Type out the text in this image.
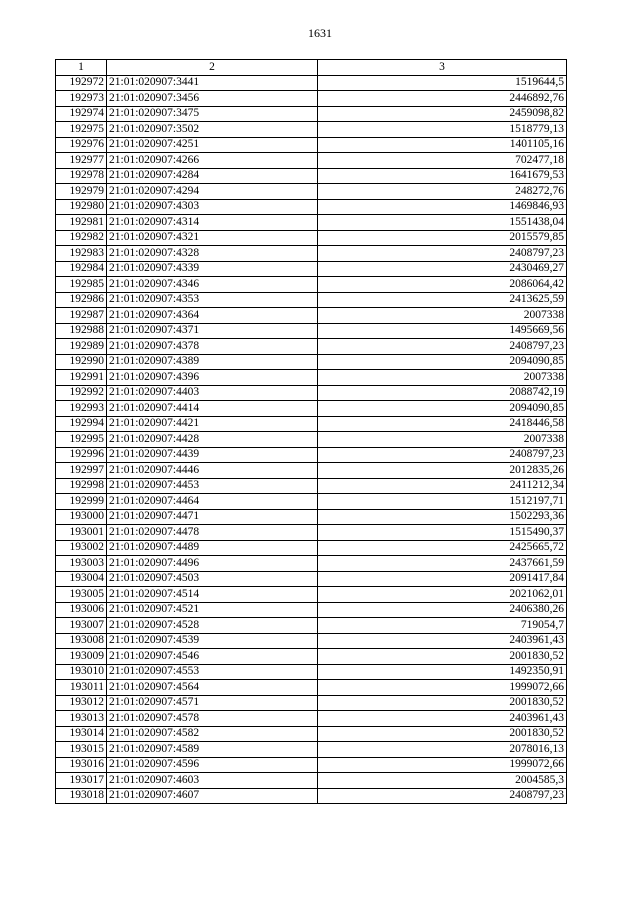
1631
1	2	3
192972	21:01:020907:3441	1519644,5
192973	21:01:020907:3456	2446892,76
192974	21:01:020907:3475	2459098,82
192975	21:01:020907:3502	1518779,13
192976	21:01:020907:4251	1401105,16
192977	21:01:020907:4266	702477,18
192978	21:01:020907:4284	1641679,53
192979	21:01:020907:4294	248272,76
192980	21:01:020907:4303	1469846,93
192981	21:01:020907:4314	1551438,04
192982	21:01:020907:4321	2015579,85
192983	21:01:020907:4328	2408797,23
192984	21:01:020907:4339	2430469,27
192985	21:01:020907:4346	2086064,42
192986	21:01:020907:4353	2413625,59
192987	21:01:020907:4364	2007338
192988	21:01:020907:4371	1495669,56
192989	21:01:020907:4378	2408797,23
192990	21:01:020907:4389	2094090,85
192991	21:01:020907:4396	2007338
192992	21:01:020907:4403	2088742,19
192993	21:01:020907:4414	2094090,85
192994	21:01:020907:4421	2418446,58
192995	21:01:020907:4428	2007338
192996	21:01:020907:4439	2408797,23
192997	21:01:020907:4446	2012835,26
192998	21:01:020907:4453	2411212,34
192999	21:01:020907:4464	1512197,71
193000	21:01:020907:4471	1502293,36
193001	21:01:020907:4478	1515490,37
193002	21:01:020907:4489	2425665,72
193003	21:01:020907:4496	2437661,59
193004	21:01:020907:4503	2091417,84
193005	21:01:020907:4514	2021062,01
193006	21:01:020907:4521	2406380,26
193007	21:01:020907:4528	719054,7
193008	21:01:020907:4539	2403961,43
193009	21:01:020907:4546	2001830,52
193010	21:01:020907:4553	1492350,91
193011	21:01:020907:4564	1999072,66
193012	21:01:020907:4571	2001830,52
193013	21:01:020907:4578	2403961,43
193014	21:01:020907:4582	2001830,52
193015	21:01:020907:4589	2078016,13
193016	21:01:020907:4596	1999072,66
193017	21:01:020907:4603	2004585,3
193018	21:01:020907:4607	2408797,23
